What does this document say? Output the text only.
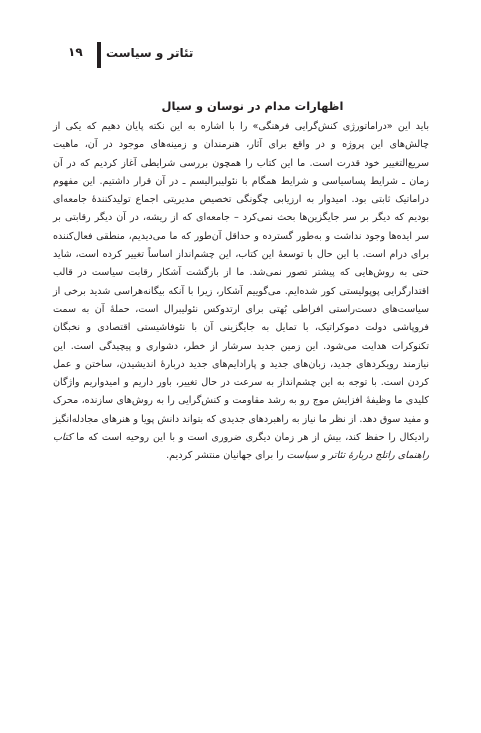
۱۹ تئاتر و سیاست
اظهارات مدام در نوسان و سیال

باید این «دراماتورژی کنش‌گرایی فرهنگی» را با اشاره به این نکته پایان دهیم که یکی از چالش‌های این پروژه و در واقع برای آثار، هنرمندان و زمینه‌های موجود در آن، ماهیت سریع‌التغییر خود قدرت است. ما این کتاب را همچون بررسی شرایطی آغاز کردیم که در آن زمان ـ شرایط پساسیاسی و شرایط همگام با نئولیبرالیسم ـ در آن قرار داشتیم. این مفهوم دراماتیک ثابتی بود. امیدوار به ارزیابی چگونگی تخصیص مدیریتی اجماع تولیدکنندهٔ جامعه‌ای بودیم که دیگر بر سر جایگزین‌ها بحث نمی‌کرد – جامعه‌ای که از ریشه، در آن دیگر رقابتی بر سر ایده‌ها وجود نداشت و به‌طور گسترده و حداقل آن‌طور که ما می‌دیدیم، منطقی فعال‌کننده برای درام است. با این حال با توسعهٔ این کتاب، این چشم‌انداز اساساً تغییر کرده است، شاید حتی به روش‌هایی که پیشتر تصور نمی‌شد. ما از بازگشت آشکار رقابت سیاست در قالب اقتدارگرایی پوپولیستی کور شده‌ایم. می‌گوییم آشکار، زیرا با آنکه بیگانه‌هراسی شدید برخی از سیاست‌های دست‌راستی افراطی بُهتی برای ارتدوکس نئولیبرال است، حملهٔ آن به سمت فروپاشی دولت دموکراتیک، با تمایل به جایگزینی آن با نئوفاشیستی اقتصادی و نخبگان تکنوکرات هدایت می‌شود. این زمین جدید سرشار از خطر، دشواری و پیچیدگی است. این نیازمند رویکردهای جدید، زبان‌های جدید و پارادایم‌های جدید دربارهٔ اندیشیدن، ساختن و عمل کردن است. با توجه به این چشم‌انداز به سرعت در حال تغییر، باور داریم و امیدواریم واژگان کلیدی ما وظیفهٔ افزایش موج رو به رشد مقاومت و کنش‌گرایی را به روش‌های سازنده، محرک و مفید سوق دهد. از نظر ما نیاز به راهبردهای جدیدی که بتواند دانش پویا و هنرهای مجادله‌انگیز رادیکال را حفظ کند، بیش از هر زمان دیگری ضروری است و با این روحیه است که ما کتاب راهنمای راتلج دربارهٔ تئاتر و سیاست را برای جهانیان منتشر کردیم.
